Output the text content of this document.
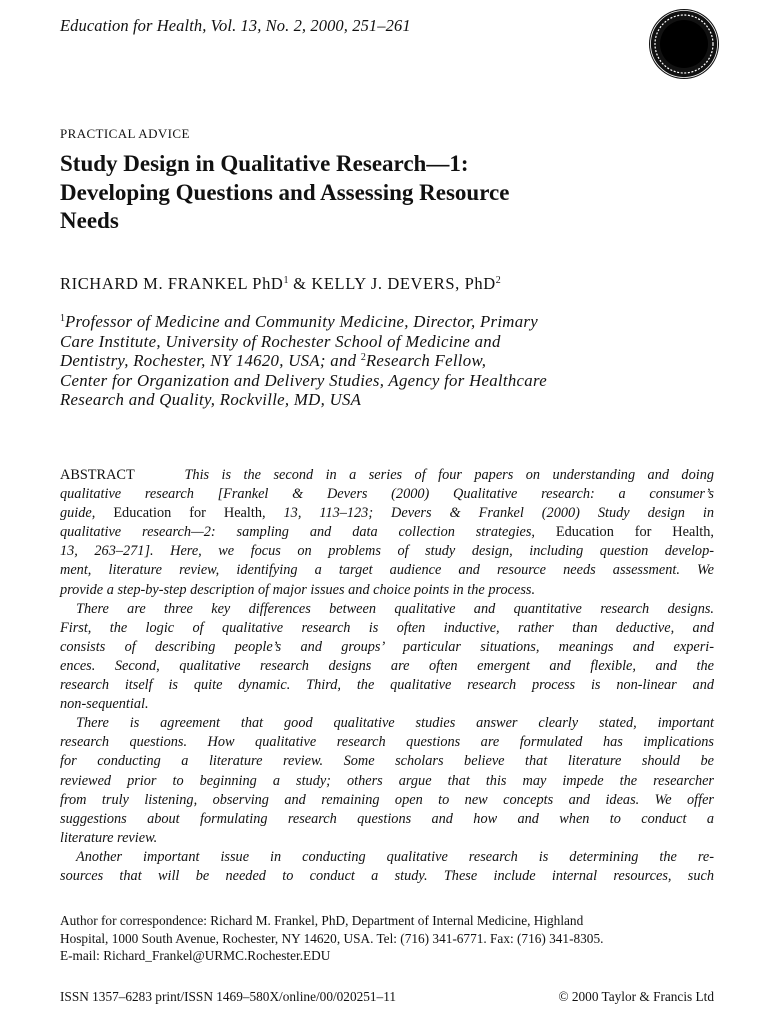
Education for Health, Vol. 13, No. 2, 2000, 251–261
PRACTICAL ADVICE
Study Design in Qualitative Research—1:
Developing Questions and Assessing Resource
Needs
RICHARD M. FRANKEL PhD$^1$ & KELLY J. DEVERS, PhD$^2$
$^1$Professor of Medicine and Community Medicine, Director, Primary
Care Institute, University of Rochester School of Medicine and
Dentistry, Rochester, NY 14620, USA; and $^2$Research Fellow,
Center for Organization and Delivery Studies, Agency for Healthcare
Research and Quality, Rockville, MD, USA
ABSTRACT	This is the second in a series of four papers on understanding and doing
qualitative research [Frankel & Devers (2000) Qualitative research: a consumer’s
guide, Education for Health, 13, 113–123; Devers & Frankel (2000) Study design in
qualitative research—2: sampling and data collection strategies, Education for Health,
13, 263–271]. Here, we focus on problems of study design, including question develop-
ment, literature review, identifying a target audience and resource needs assessment. We
provide a step-by-step description of major issues and choice points in the process.
There are three key differences between qualitative and quantitative research designs.
First, the logic of qualitative research is often inductive, rather than deductive, and
consists of describing people’s and groups’ particular situations, meanings and experi-
ences. Second, qualitative research designs are often emergent and flexible, and the
research itself is quite dynamic. Third, the qualitative research process is non-linear and
non-sequential.
There is agreement that good qualitative studies answer clearly stated, important
research questions. How qualitative research questions are formulated has implications
for conducting a literature review. Some scholars believe that literature should be
reviewed prior to beginning a study; others argue that this may impede the researcher
from truly listening, observing and remaining open to new concepts and ideas. We offer
suggestions about formulating research questions and how and when to conduct a
literature review.
Another important issue in conducting qualitative research is determining the re-
sources that will be needed to conduct a study. These include internal resources, such
Author for correspondence: Richard M. Frankel, PhD, Department of Internal Medicine, Highland
Hospital, 1000 South Avenue, Rochester, NY 14620, USA. Tel: (716) 341-6771. Fax: (716) 341-8305.
E-mail: Richard_Frankel@URMC.Rochester.EDU
ISSN 1357–6283 print/ISSN 1469–580X/online/00/020251–11	© 2000 Taylor & Francis Ltd
